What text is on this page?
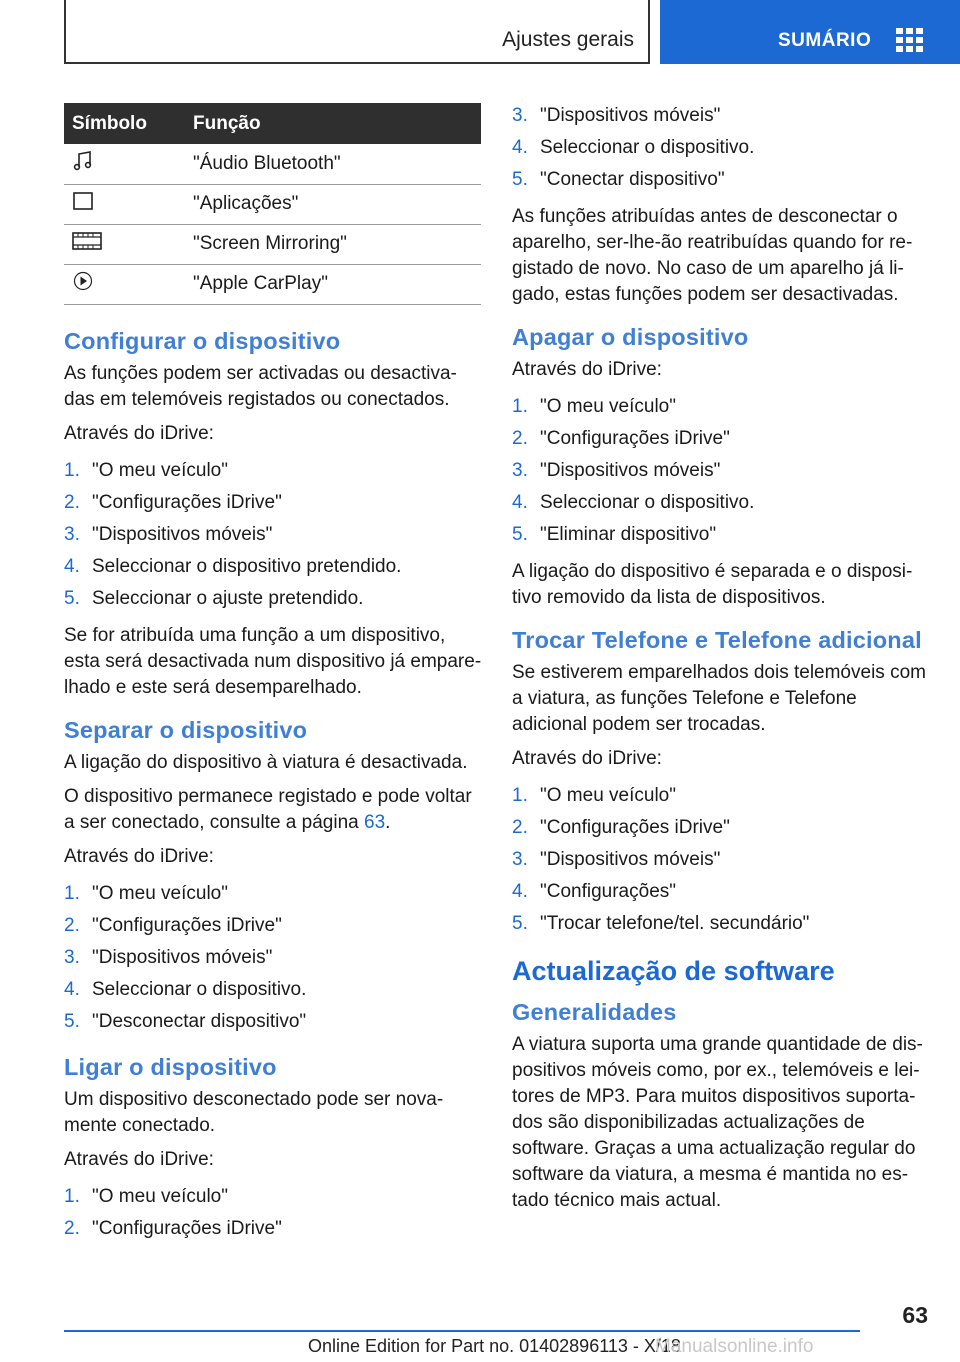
Ajustes gerais	SUMÁRIO
Símbolo	Função
	"Áudio Bluetooth"
	"Aplicações"
	"Screen Mirroring"
	"Apple CarPlay"
Configurar o dispositivo
As funções podem ser activadas ou desactiva‐das em telemóveis registados ou conectados.
Através do iDrive:
1. "O meu veículo"
2. "Configurações iDrive"
3. "Dispositivos móveis"
4. Seleccionar o dispositivo pretendido.
5. Seleccionar o ajuste pretendido.
Se for atribuída uma função a um dispositivo, esta será desactivada num dispositivo já empare‐lhado e este será desemparelhado.
Separar o dispositivo
A ligação do dispositivo à viatura é desactivada.
O dispositivo permanece registado e pode voltar a ser conectado, consulte a página 63.
Através do iDrive:
1. "O meu veículo"
2. "Configurações iDrive"
3. "Dispositivos móveis"
4. Seleccionar o dispositivo.
5. "Desconectar dispositivo"
Ligar o dispositivo
Um dispositivo desconectado pode ser nova‐mente conectado.
Através do iDrive:
1. "O meu veículo"
2. "Configurações iDrive"
3. "Dispositivos móveis"
4. Seleccionar o dispositivo.
5. "Conectar dispositivo"
As funções atribuídas antes de desconectar o aparelho, ser-lhe-ão reatribuídas quando for re‐gistado de novo. No caso de um aparelho já li‐gado, estas funções podem ser desactivadas.
Apagar o dispositivo
Através do iDrive:
1. "O meu veículo"
2. "Configurações iDrive"
3. "Dispositivos móveis"
4. Seleccionar o dispositivo.
5. "Eliminar dispositivo"
A ligação do dispositivo é separada e o disposi‐tivo removido da lista de dispositivos.
Trocar Telefone e Telefone adicional
Se estiverem emparelhados dois telemóveis com a viatura, as funções Telefone e Telefone adicional podem ser trocadas.
Através do iDrive:
1. "O meu veículo"
2. "Configurações iDrive"
3. "Dispositivos móveis"
4. "Configurações"
5. "Trocar telefone/tel. secundário"
Actualização de software
Generalidades
A viatura suporta uma grande quantidade de dis‐positivos móveis como, por ex., telemóveis e lei‐tores de MP3. Para muitos dispositivos suporta‐dos são disponibilizadas actualizações de software. Graças a uma actualização regular do software da viatura, a mesma é mantida no es‐tado técnico mais actual.
63
Online Edition for Part no. 01402896113 - X/18
Manualsonline.info
